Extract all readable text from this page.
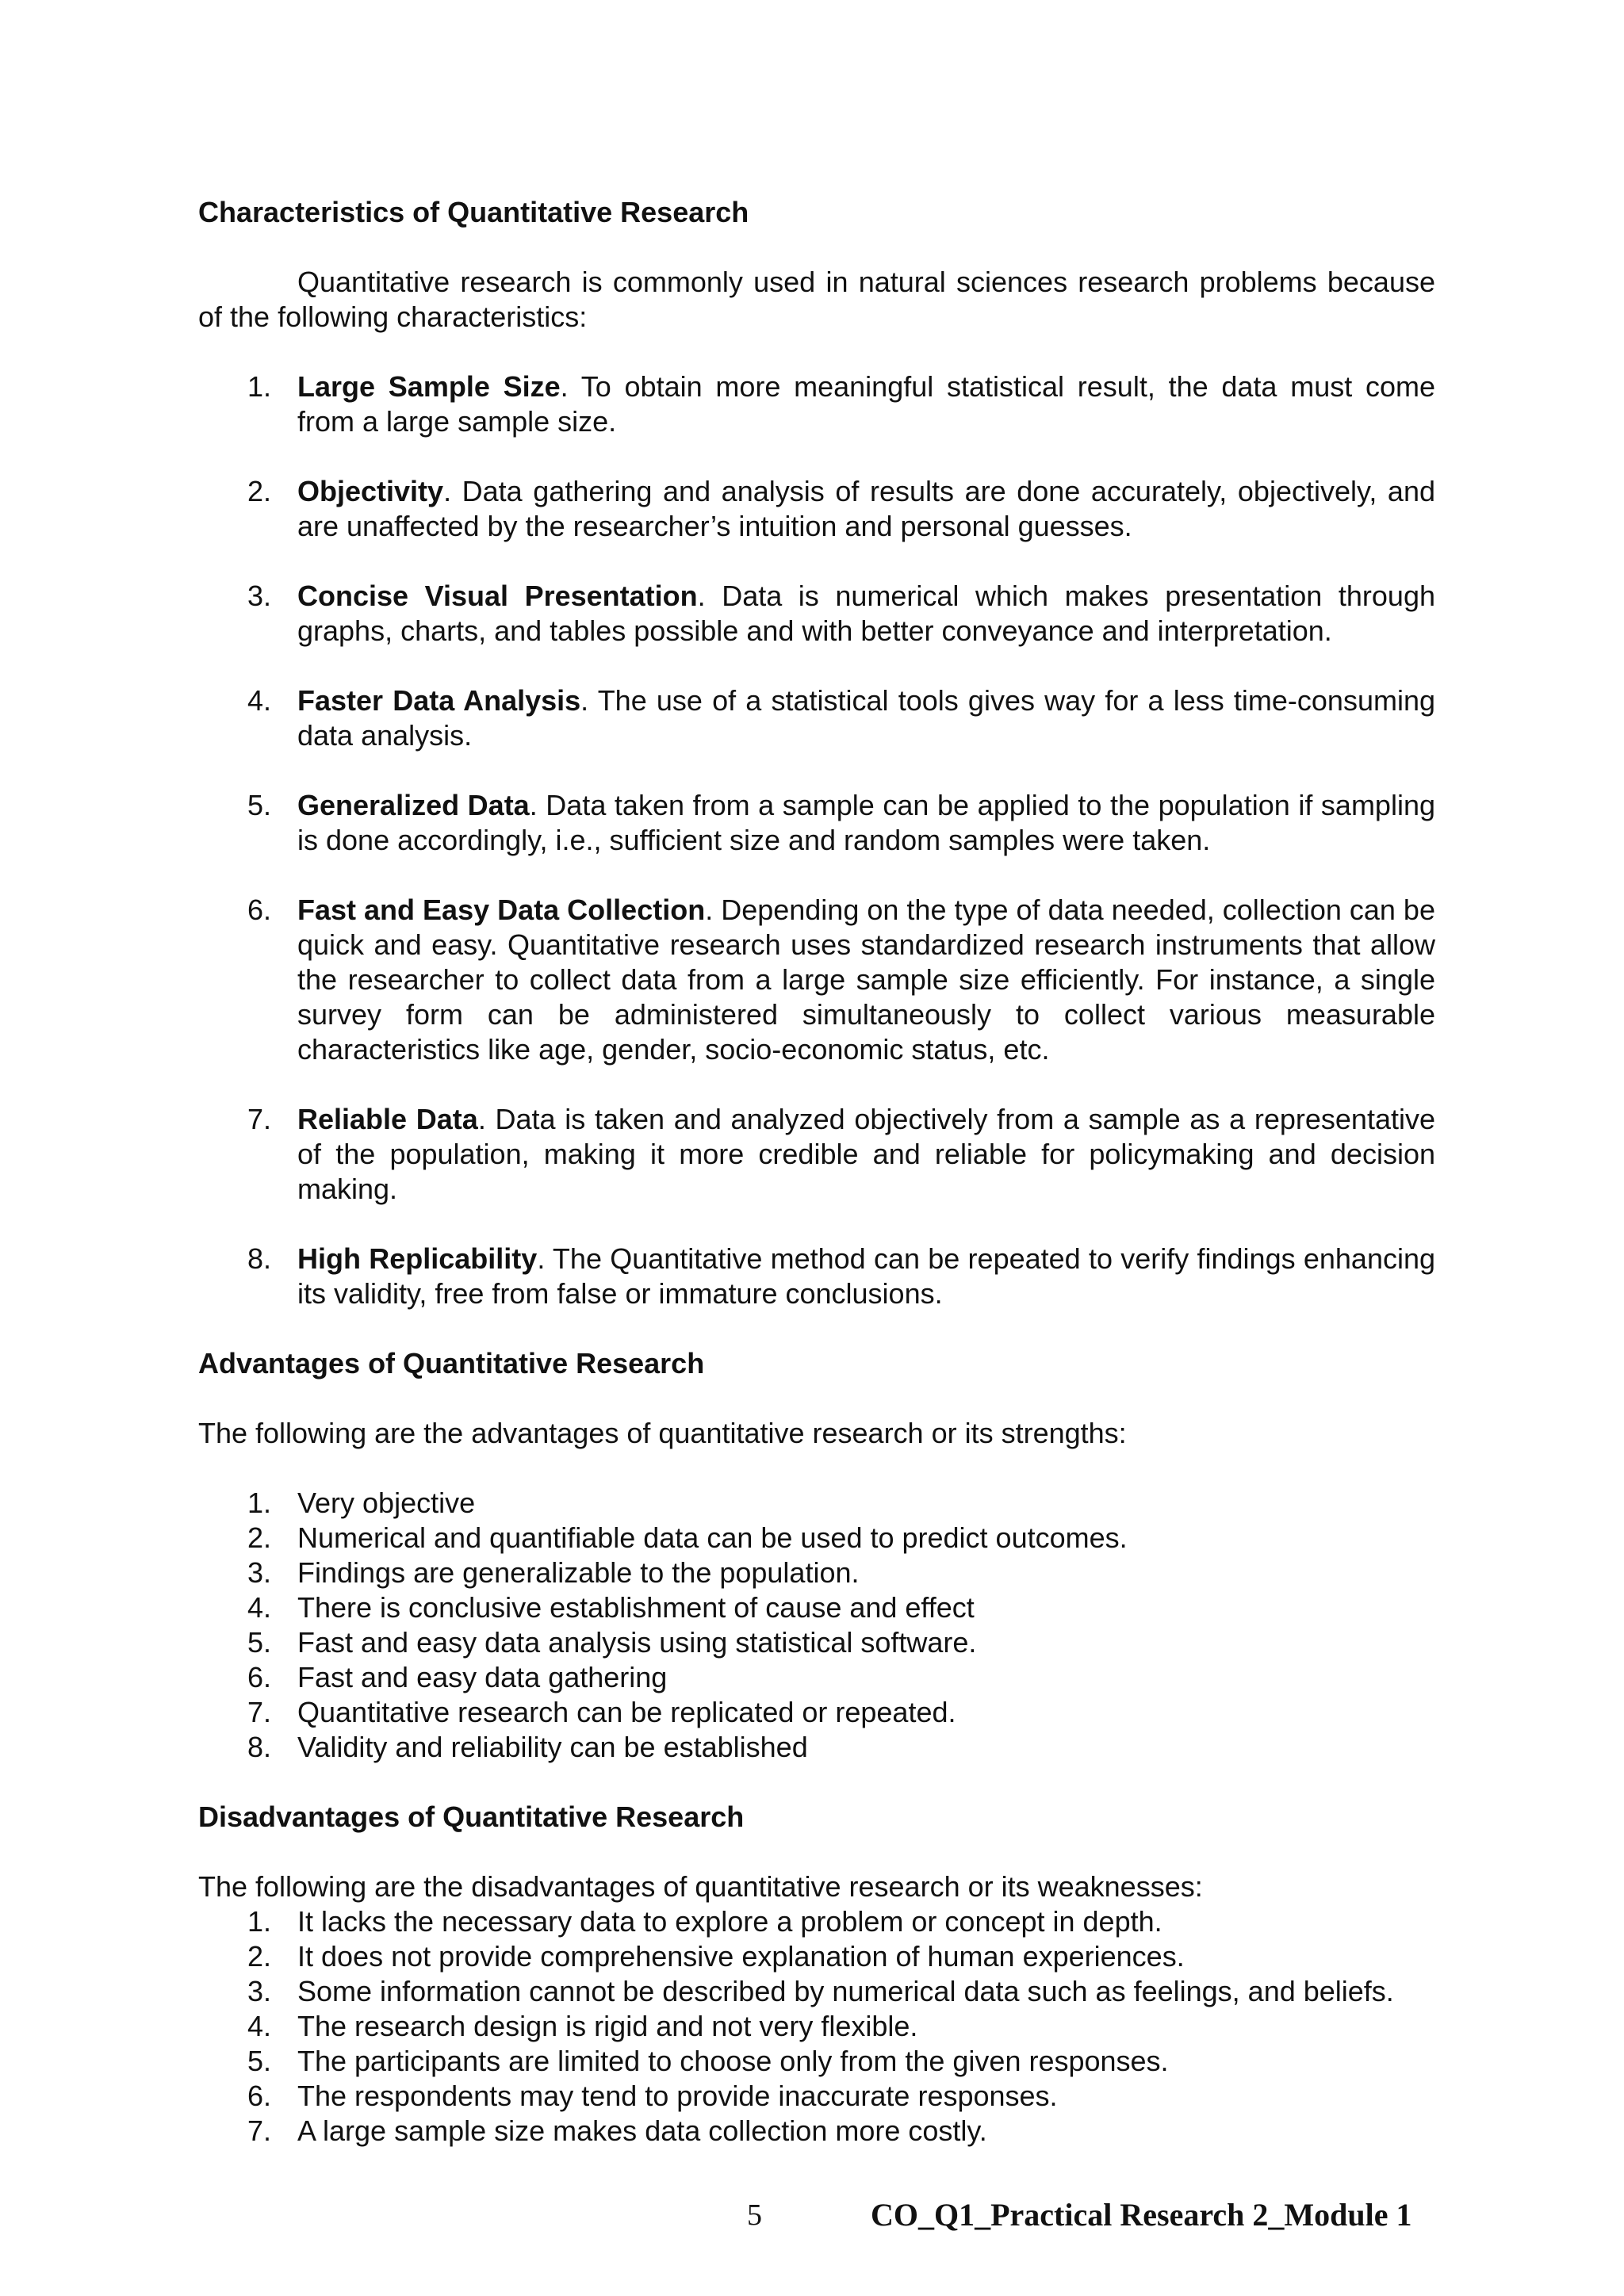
Characteristics of Quantitative Research

Quantitative research is commonly used in natural sciences research problems because of the following characteristics:

1. Large Sample Size. To obtain more meaningful statistical result, the data must come from a large sample size.
2. Objectivity. Data gathering and analysis of results are done accurately, objectively, and are unaffected by the researcher’s intuition and personal guesses.
3. Concise Visual Presentation. Data is numerical which makes presentation through graphs, charts, and tables possible and with better conveyance and interpretation.
4. Faster Data Analysis. The use of a statistical tools gives way for a less time-consuming data analysis.
5. Generalized Data. Data taken from a sample can be applied to the population if sampling is done accordingly, i.e., sufficient size and random samples were taken.
6. Fast and Easy Data Collection. Depending on the type of data needed, collection can be quick and easy. Quantitative research uses standardized research instruments that allow the researcher to collect data from a large sample size efficiently. For instance, a single survey form can be administered simultaneously to collect various measurable characteristics like age, gender, socio-economic status, etc.
7. Reliable Data. Data is taken and analyzed objectively from a sample as a representative of the population, making it more credible and reliable for policymaking and decision making.
8. High Replicability. The Quantitative method can be repeated to verify findings enhancing its validity, free from false or immature conclusions.
Advantages of Quantitative Research

The following are the advantages of quantitative research or its strengths:

1. Very objective
2. Numerical and quantifiable data can be used to predict outcomes.
3. Findings are generalizable to the population.
4. There is conclusive establishment of cause and effect
5. Fast and easy data analysis using statistical software.
6. Fast and easy data gathering
7. Quantitative research can be replicated or repeated.
8. Validity and reliability can be established
Disadvantages of Quantitative Research

The following are the disadvantages of quantitative research or its weaknesses:

1. It lacks the necessary data to explore a problem or concept in depth.
2. It does not provide comprehensive explanation of human experiences.
3. Some information cannot be described by numerical data such as feelings, and beliefs.
4. The research design is rigid and not very flexible.
5. The participants are limited to choose only from the given responses.
6. The respondents may tend to provide inaccurate responses.
7. A large sample size makes data collection more costly.
5	CO_Q1_Practical Research 2_Module 1
